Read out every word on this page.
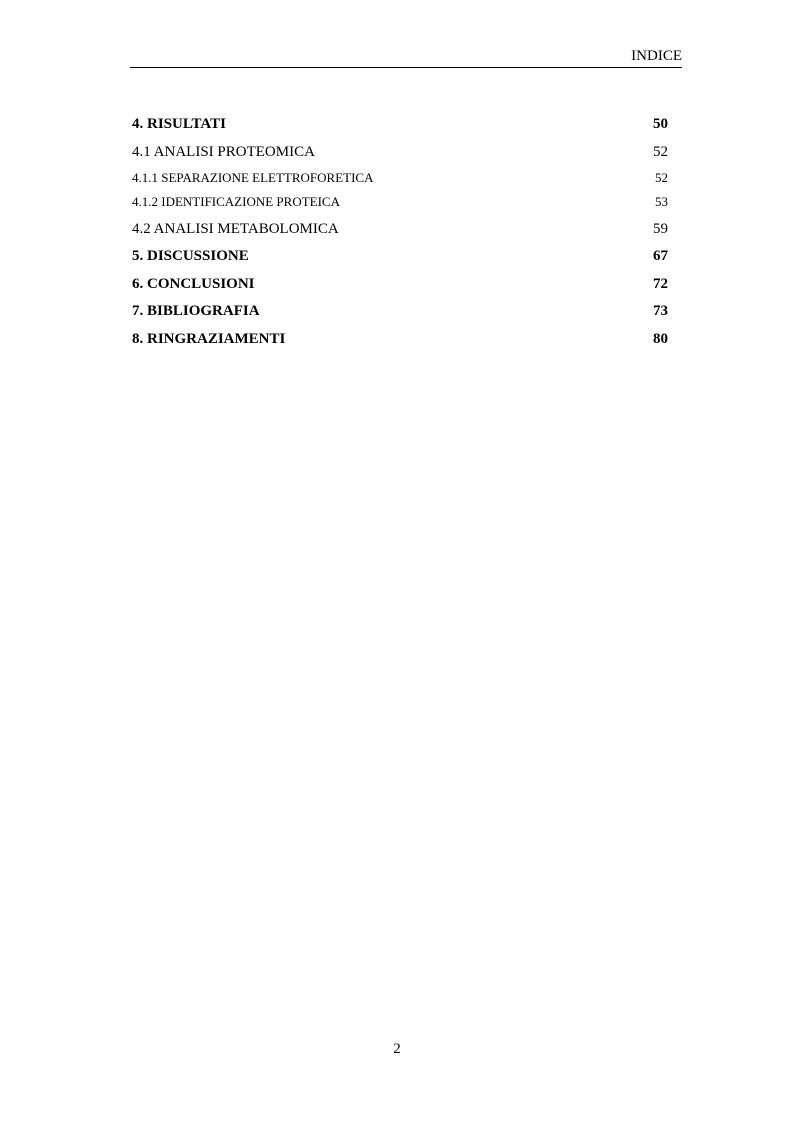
INDICE
4. RISULTATI	50
4.1 ANALISI PROTEOMICA	52
4.1.1 SEPARAZIONE ELETTROFORETICA	52
4.1.2 IDENTIFICAZIONE PROTEICA	53
4.2 ANALISI METABOLOMICA	59
5. DISCUSSIONE	67
6. CONCLUSIONI	72
7. BIBLIOGRAFIA	73
8. RINGRAZIAMENTI	80
2
